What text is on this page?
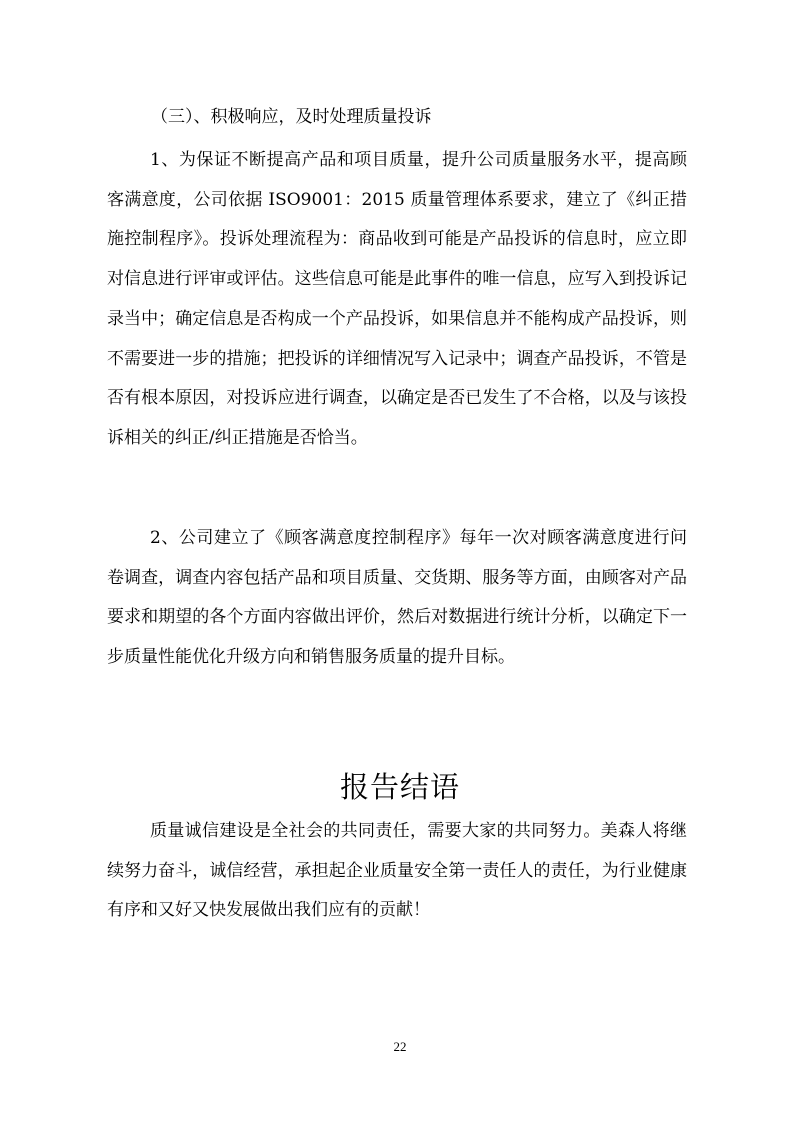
（三）、积极响应，及时处理质量投诉

1、为保证不断提高产品和项目质量，提升公司质量服务水平，提高顾客满意度，公司依据 ISO9001：2015 质量管理体系要求，建立了《纠正措施控制程序》。投诉处理流程为：商品收到可能是产品投诉的信息时，应立即对信息进行评审或评估。这些信息可能是此事件的唯一信息，应写入到投诉记录当中；确定信息是否构成一个产品投诉，如果信息并不能构成产品投诉，则不需要进一步的措施；把投诉的详细情况写入记录中；调查产品投诉，不管是否有根本原因，对投诉应进行调查，以确定是否已发生了不合格，以及与该投诉相关的纠正/纠正措施是否恰当。

2、公司建立了《顾客满意度控制程序》每年一次对顾客满意度进行问卷调查，调查内容包括产品和项目质量、交货期、服务等方面，由顾客对产品要求和期望的各个方面内容做出评价，然后对数据进行统计分析，以确定下一步质量性能优化升级方向和销售服务质量的提升目标。

报告结语

质量诚信建设是全社会的共同责任，需要大家的共同努力。美森人将继续努力奋斗，诚信经营，承担起企业质量安全第一责任人的责任，为行业健康有序和又好又快发展做出我们应有的贡献！

22
